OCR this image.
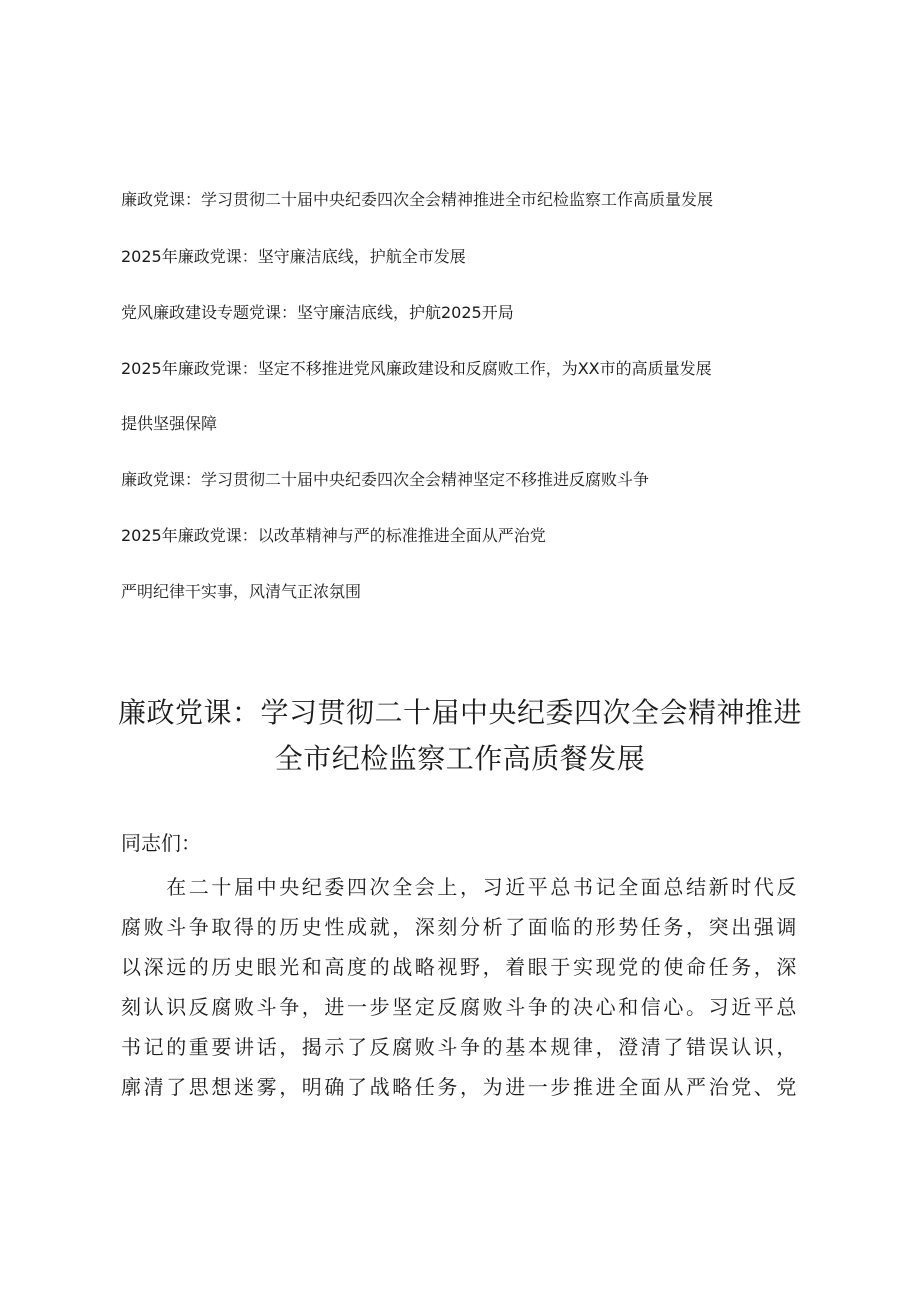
廉政党课：学习贯彻二十届中央纪委四次全会精神推进全市纪检监察工作高质量发展
2025年廉政党课：坚守廉洁底线，护航全市发展
党风廉政建设专题党课：坚守廉洁底线，护航2025开局
2025年廉政党课：坚定不移推进党风廉政建设和反腐败工作，为XX市的高质量发展
提供坚强保障
廉政党课：学习贯彻二十届中央纪委四次全会精神坚定不移推进反腐败斗争
2025年廉政党课：以改革精神与严的标准推进全面从严治党
严明纪律干实事，风清气正浓氛围
廉政党课：学习贯彻二十届中央纪委四次全会精神推进
全市纪检监察工作高质餐发展
同志们：
　　在二十届中央纪委四次全会上，习近平总书记全面总结新时代反
腐败斗争取得的历史性成就，深刻分析了面临的形势任务，突出强调
以深远的历史眼光和高度的战略视野，着眼于实现党的使命任务，深
刻认识反腐败斗争，进一步坚定反腐败斗争的决心和信心。习近平总
书记的重要讲话，揭示了反腐败斗争的基本规律，澄清了错误认识，
廓清了思想迷雾，明确了战略任务，为进一步推进全面从严治党、党
